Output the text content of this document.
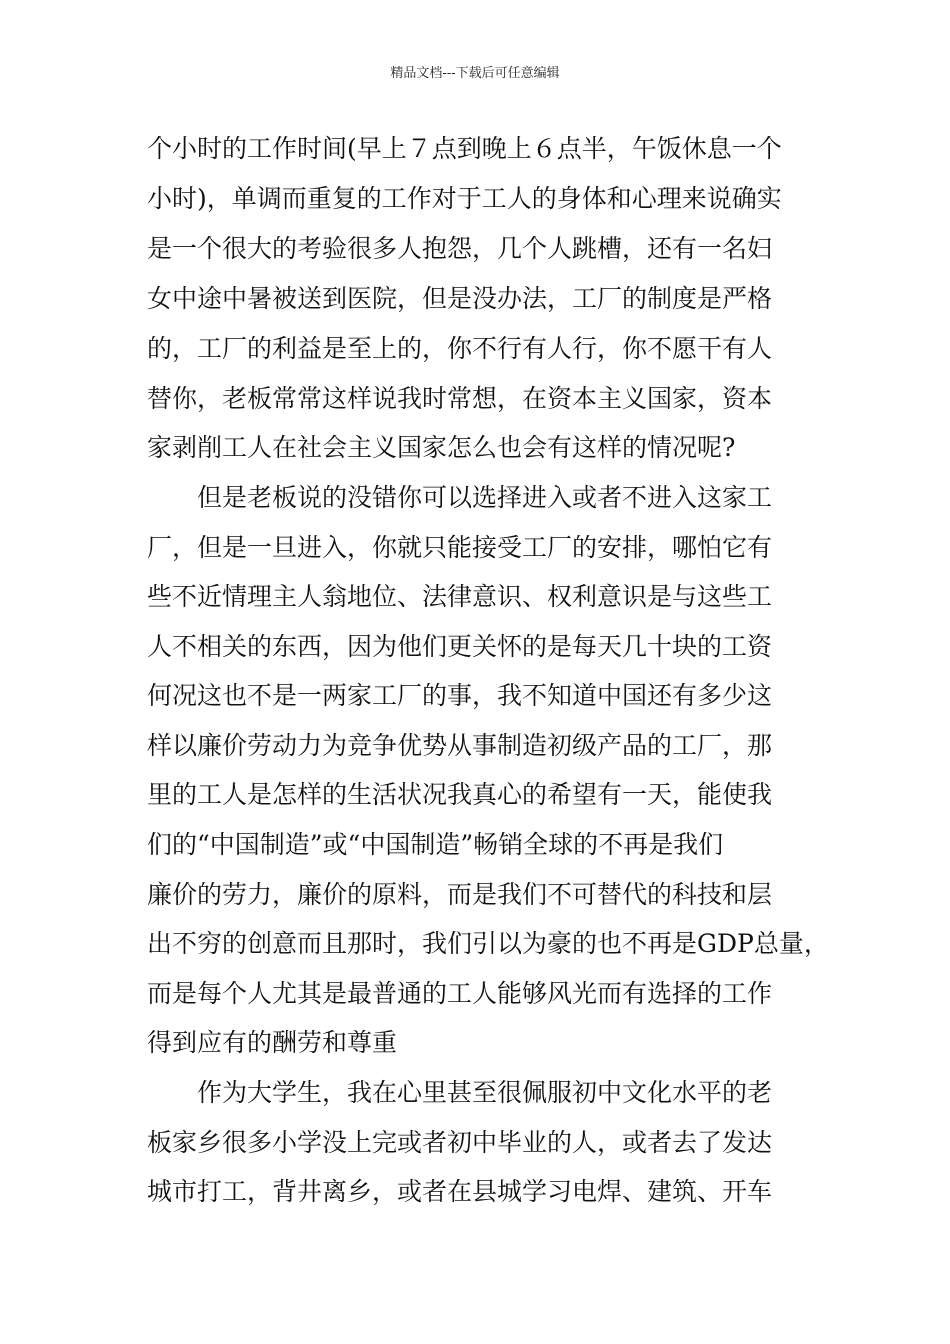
精品文档---下载后可任意编辑
个小时的工作时间(早上７点到晚上６点半，午饭休息一个
小时)，单调而重复的工作对于工人的身体和心理来说确实
是一个很大的考验很多人抱怨，几个人跳槽，还有一名妇
女中途中暑被送到医院，但是没办法，工厂的制度是严格
的，工厂的利益是至上的，你不行有人行，你不愿干有人
替你，老板常常这样说我时常想，在资本主义国家，资本
家剥削工人在社会主义国家怎么也会有这样的情况呢?
　　但是老板说的没错你可以选择进入或者不进入这家工
厂，但是一旦进入，你就只能接受工厂的安排，哪怕它有
些不近情理主人翁地位、法律意识、权利意识是与这些工
人不相关的东西，因为他们更关怀的是每天几十块的工资
何况这也不是一两家工厂的事，我不知道中国还有多少这
样以廉价劳动力为竞争优势从事制造初级产品的工厂，那
里的工人是怎样的生活状况我真心的希望有一天，能使我
们的“中国制造”或“中国制造”畅销全球的不再是我们
廉价的劳力，廉价的原料，而是我们不可替代的科技和层
出不穷的创意而且那时，我们引以为豪的也不再是GDP总量，
而是每个人尤其是最普通的工人能够风光而有选择的工作
得到应有的酬劳和尊重
　　作为大学生，我在心里甚至很佩服初中文化水平的老
板家乡很多小学没上完或者初中毕业的人，或者去了发达
城市打工，背井离乡，或者在县城学习电焊、建筑、开车
